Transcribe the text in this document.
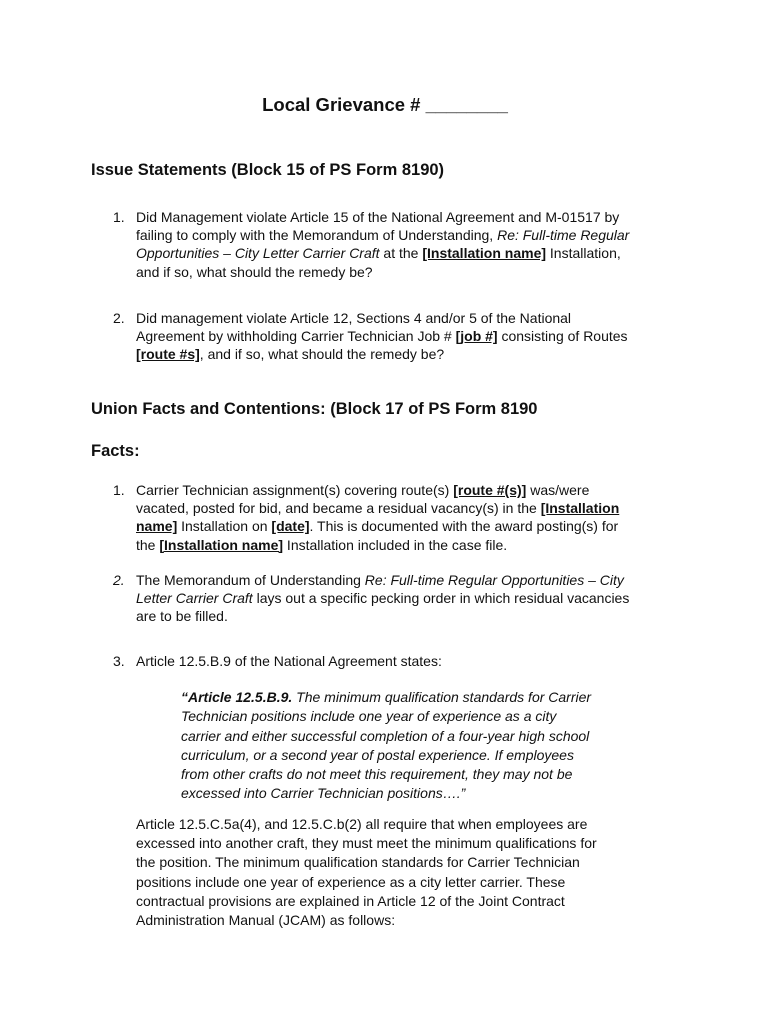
Local Grievance # ________
Issue Statements (Block 15 of PS Form 8190)
1. Did Management violate Article 15 of the National Agreement and M-01517 by
failing to comply with the Memorandum of Understanding, Re: Full-time Regular
Opportunities – City Letter Carrier Craft at the [Installation name] Installation,
and if so, what should the remedy be?
2. Did management violate Article 12, Sections 4 and/or 5 of the National
Agreement by withholding Carrier Technician Job # [job #] consisting of Routes
[route #s], and if so, what should the remedy be?
Union Facts and Contentions: (Block 17 of PS Form 8190
Facts:
1. Carrier Technician assignment(s) covering route(s) [route #(s)] was/were
vacated, posted for bid, and became a residual vacancy(s) in the [Installation
name] Installation on [date]. This is documented with the award posting(s) for
the [Installation name] Installation included in the case file.
2. The Memorandum of Understanding Re: Full-time Regular Opportunities – City
Letter Carrier Craft lays out a specific pecking order in which residual vacancies
are to be filled.
3. Article 12.5.B.9 of the National Agreement states:
“Article 12.5.B.9. The minimum qualification standards for Carrier
Technician positions include one year of experience as a city
carrier and either successful completion of a four-year high school
curriculum, or a second year of postal experience. If employees
from other crafts do not meet this requirement, they may not be
excessed into Carrier Technician positions….”
Article 12.5.C.5a(4), and 12.5.C.b(2) all require that when employees are
excessed into another craft, they must meet the minimum qualifications for
the position. The minimum qualification standards for Carrier Technician
positions include one year of experience as a city letter carrier. These
contractual provisions are explained in Article 12 of the Joint Contract
Administration Manual (JCAM) as follows:
